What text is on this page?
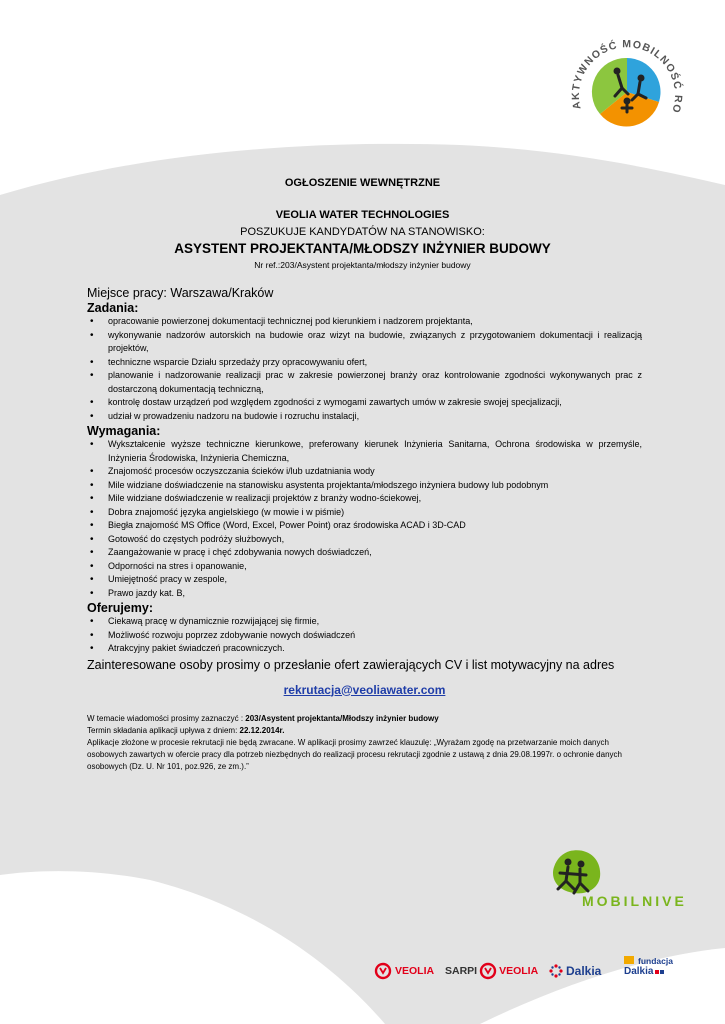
AKTYWNOŚĆ MOBILNOŚĆ RO
OGŁOSZENIE WEWNĘTRZNE
VEOLIA WATER TECHNOLOGIES
POSZUKUJE KANDYDATÓW NA STANOWISKO:
ASYSTENT PROJEKTANTA/MŁODSZY INŻYNIER BUDOWY
Nr ref.:203/Asystent projektanta/młodszy inżynier budowy
Miejsce pracy: Warszawa/Kraków
Zadania:
• opracowanie powierzonej dokumentacji technicznej pod kierunkiem i nadzorem projektanta,
• wykonywanie nadzorów autorskich na budowie oraz wizyt na budowie, związanych z przygotowaniem dokumentacji i realizacją projektów,
• techniczne wsparcie Działu sprzedaży przy opracowywaniu ofert,
• planowanie i nadzorowanie realizacji prac w zakresie powierzonej branży oraz kontrolowanie zgodności wykonywanych prac z dostarczoną dokumentacją techniczną,
• kontrolę dostaw urządzeń pod względem zgodności z wymogami zawartych umów w zakresie swojej specjalizacji,
• udział w prowadzeniu nadzoru na budowie i rozruchu instalacji,
Wymagania:
• Wykształcenie wyższe techniczne kierunkowe, preferowany kierunek Inżynieria Sanitarna, Ochrona środowiska w przemyśle, Inżynieria Środowiska, Inżynieria Chemiczna,
• Znajomość procesów oczyszczania ścieków i/lub uzdatniania wody
• Mile widziane doświadczenie na stanowisku asystenta projektanta/młodszego inżyniera budowy lub podobnym
• Mile widziane doświadczenie w realizacji projektów z branży wodno-ściekowej,
• Dobra znajomość języka angielskiego (w mowie i w piśmie)
• Biegła znajomość MS Office (Word, Excel, Power Point) oraz środowiska ACAD i 3D-CAD
• Gotowość do częstych podróży służbowych,
• Zaangażowanie w pracę i chęć zdobywania nowych doświadczeń,
• Odporności na stres i opanowanie,
• Umiejętność pracy w zespole,
• Prawo jazdy kat. B,
Oferujemy:
• Ciekawą pracę w dynamicznie rozwijającej się firmie,
• Możliwość rozwoju poprzez zdobywanie nowych doświadczeń
• Atrakcyjny pakiet świadczeń pracowniczych.
Zainteresowane osoby prosimy o przesłanie ofert zawierających CV i list motywacyjny na adres
rekrutacja@veoliawater.com
W temacie wiadomości prosimy zaznaczyć : 203/Asystent projektanta/Młodszy inżynier budowy
Termin składania aplikacji upływa z dniem: 22.12.2014r.
Aplikacje złożone w procesie rekrutacji nie będą zwracane. W aplikacji prosimy zawrzeć klauzulę: „Wyrażam zgodę na przetwarzanie moich danych osobowych zawartych w ofercie pracy dla potrzeb niezbędnych do realizacji procesu rekrutacji zgodnie z ustawą z dnia 29.08.1997r. o ochronie danych osobowych (Dz. U. Nr 101, poz.926, ze zm.).”
MOBILNIVE
VEOLIA SARPI VEOLIA Dalkia
fundacja
Dalkia
